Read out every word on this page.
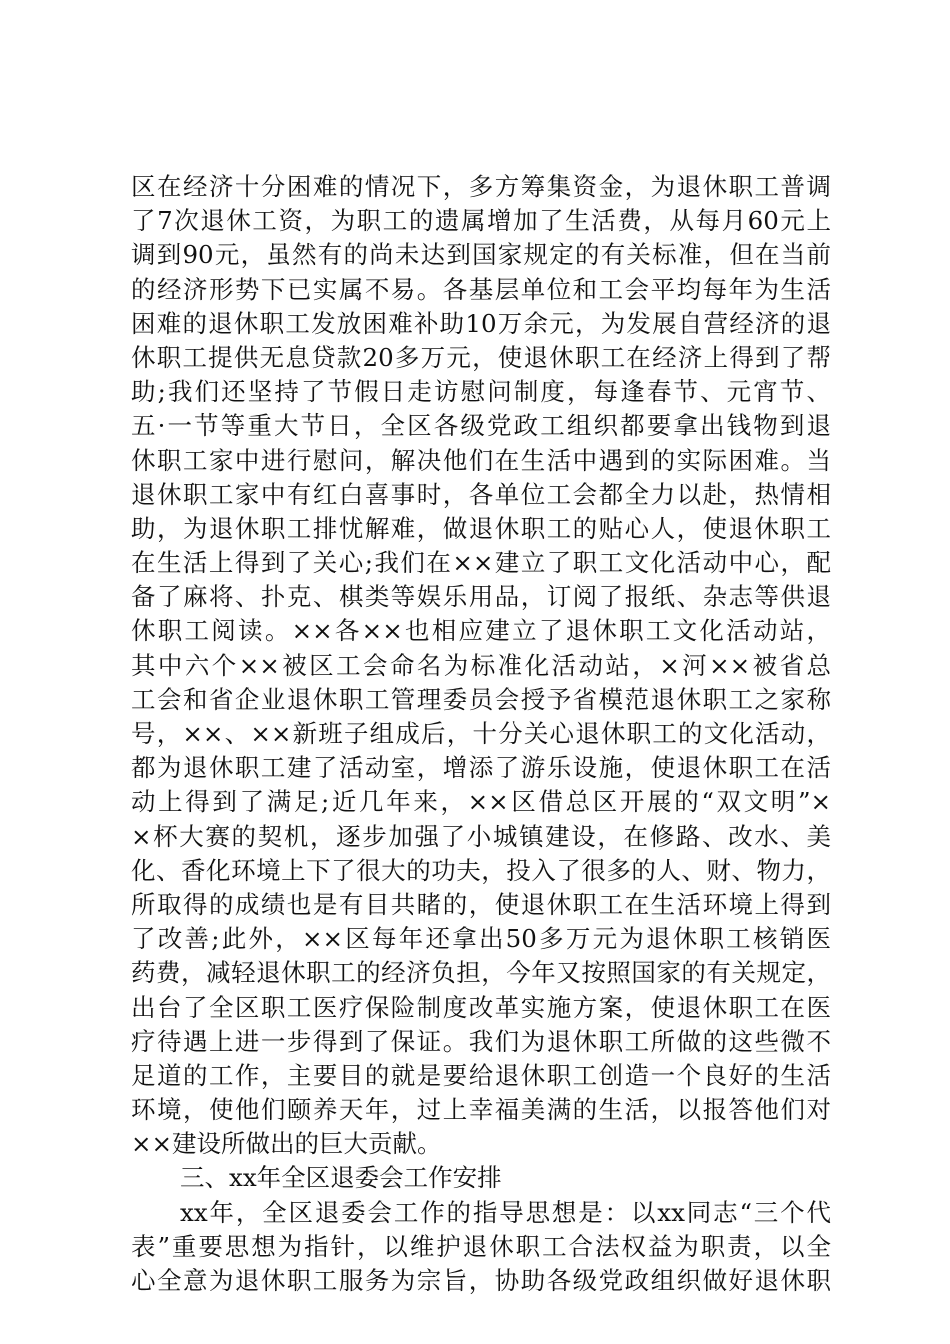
区在经济十分困难的情况下，多方筹集资金，为退休职工普调
了7次退休工资，为职工的遗属增加了生活费，从每月60元上
调到90元，虽然有的尚未达到国家规定的有关标准，但在当前
的经济形势下已实属不易。各基层单位和工会平均每年为生活
困难的退休职工发放困难补助10万余元，为发展自营经济的退
休职工提供无息贷款20多万元，使退休职工在经济上得到了帮
助;我们还坚持了节假日走访慰问制度，每逢春节、元宵节、
五·一节等重大节日，全区各级党政工组织都要拿出钱物到退
休职工家中进行慰问，解决他们在生活中遇到的实际困难。当
退休职工家中有红白喜事时，各单位工会都全力以赴，热情相
助，为退休职工排忧解难，做退休职工的贴心人，使退休职工
在生活上得到了关心;我们在××建立了职工文化活动中心，配
备了麻将、扑克、棋类等娱乐用品，订阅了报纸、杂志等供退
休职工阅读。××各××也相应建立了退休职工文化活动站，
其中六个××被区工会命名为标准化活动站，×河××被省总
工会和省企业退休职工管理委员会授予省模范退休职工之家称
号，××、××新班子组成后，十分关心退休职工的文化活动，
都为退休职工建了活动室，增添了游乐设施，使退休职工在活
动上得到了满足;近几年来，××区借总区开展的“双文明”×
×杯大赛的契机，逐步加强了小城镇建设，在修路、改水、美
化、香化环境上下了很大的功夫，投入了很多的人、财、物力，
所取得的成绩也是有目共睹的，使退休职工在生活环境上得到
了改善;此外，××区每年还拿出50多万元为退休职工核销医
药费，减轻退休职工的经济负担，今年又按照国家的有关规定，
出台了全区职工医疗保险制度改革实施方案，使退休职工在医
疗待遇上进一步得到了保证。我们为退休职工所做的这些微不
足道的工作，主要目的就是要给退休职工创造一个良好的生活
环境，使他们颐养天年，过上幸福美满的生活，以报答他们对
××建设所做出的巨大贡献。
三、xx年全区退委会工作安排
xx年，全区退委会工作的指导思想是：以xx同志“三个代
表”重要思想为指针，以维护退休职工合法权益为职责，以全
心全意为退休职工服务为宗旨，协助各级党政组织做好退休职
